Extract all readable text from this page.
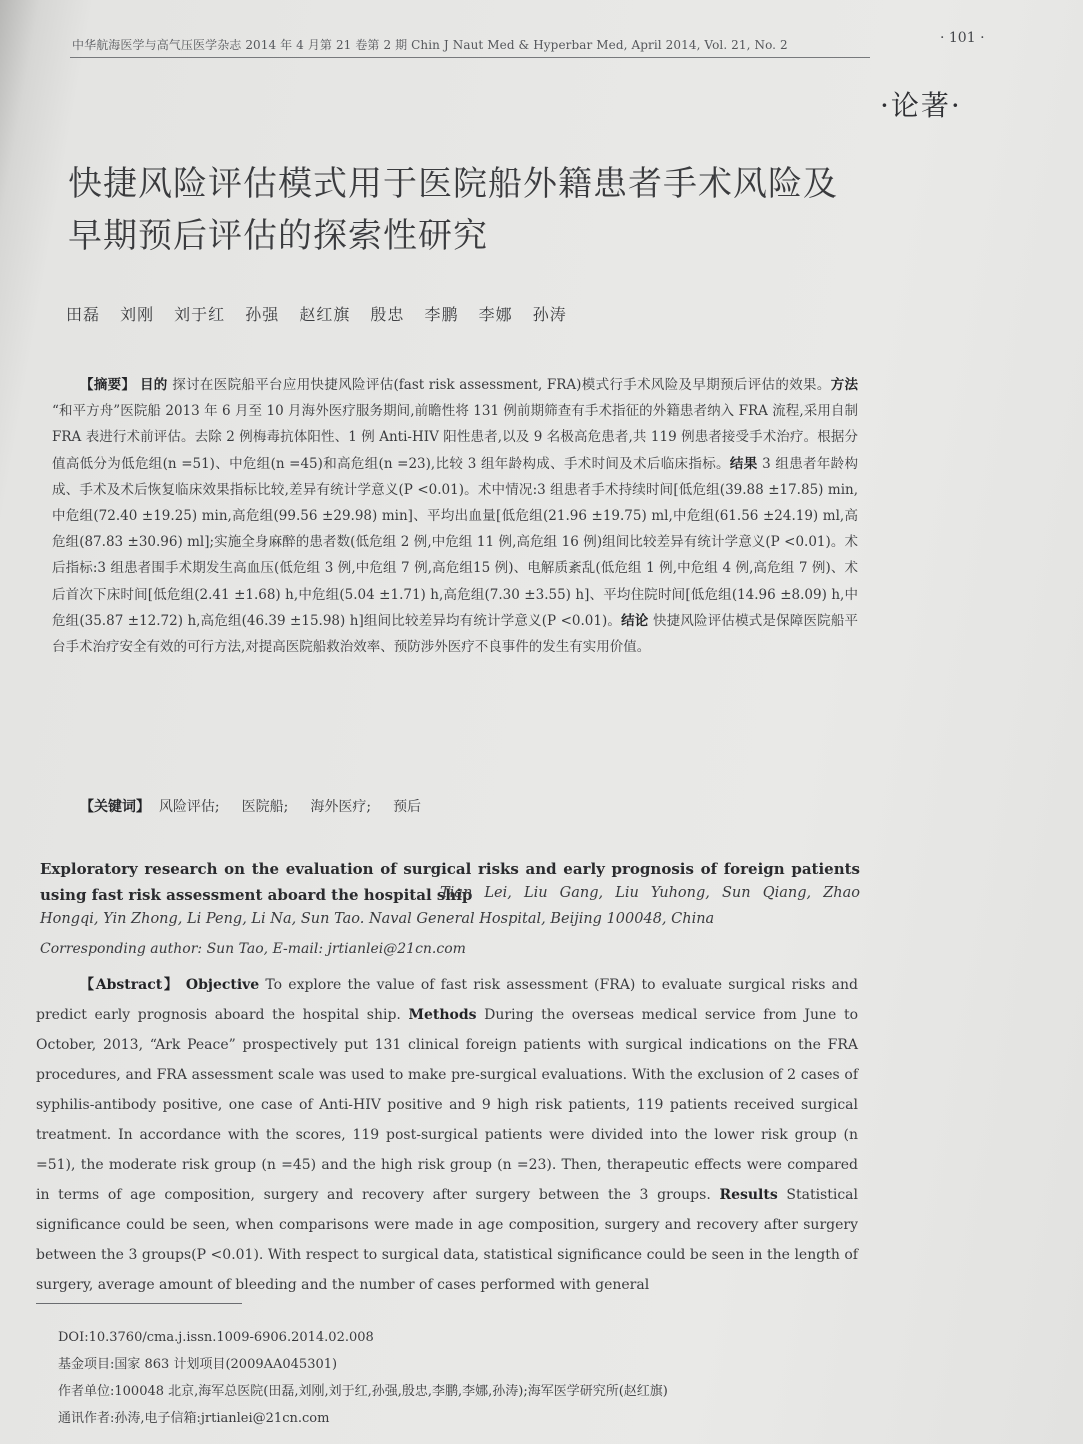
中华航海医学与高气压医学杂志 2014 年 4 月第 21 卷第 2 期 Chin J Naut Med & Hyperbar Med, April 2014, Vol. 21, No. 2	· 101 ·
·论著·
快捷风险评估模式用于医院船外籍患者手术风险及早期预后评估的探索性研究
田磊 刘刚 刘于红 孙强 赵红旗 殷忠 李鹏 李娜 孙涛
【摘要】 目的 探讨在医院船平台应用快捷风险评估(fast risk assessment, FRA)模式行手术风险及早期预后评估的效果。方法 “和平方舟”医院船 2013 年 6 月至 10 月海外医疗服务期间,前瞻性将 131 例前期筛查有手术指征的外籍患者纳入 FRA 流程,采用自制 FRA 表进行术前评估。去除 2 例梅毒抗体阳性、1 例 Anti-HIV 阳性患者,以及 9 名极高危患者,共 119 例患者接受手术治疗。根据分值高低分为低危组(n =51)、中危组(n =45)和高危组(n =23),比较 3 组年龄构成、手术时间及术后临床指标。结果 3 组患者年龄构成、手术及术后恢复临床效果指标比较,差异有统计学意义(P <0.01)。术中情况:3 组患者手术持续时间[低危组(39.88 ±17.85) min,中危组(72.40 ±19.25) min,高危组(99.56 ±29.98) min]、平均出血量[低危组(21.96 ±19.75) ml,中危组(61.56 ±24.19) ml,高危组(87.83 ±30.96) ml];实施全身麻醉的患者数(低危组 2 例,中危组 11 例,高危组 16 例)组间比较差异有统计学意义(P <0.01)。术后指标:3 组患者围手术期发生高血压(低危组 3 例,中危组 7 例,高危组15 例)、电解质紊乱(低危组 1 例,中危组 4 例,高危组 7 例)、术后首次下床时间[低危组(2.41 ±1.68) h,中危组(5.04 ±1.71) h,高危组(7.30 ±3.55) h]、平均住院时间[低危组(14.96 ±8.09) h,中危组(35.87 ±12.72) h,高危组(46.39 ±15.98) h]组间比较差异均有统计学意义(P <0.01)。结论 快捷风险评估模式是保障医院船平台手术治疗安全有效的可行方法,对提高医院船救治效率、预防涉外医疗不良事件的发生有实用价值。
【关键词】 风险评估; 医院船; 海外医疗; 预后
Exploratory research on the evaluation of surgical risks and early prognosis of foreign patients using fast risk assessment aboard the hospital ship
Tian Lei, Liu Gang, Liu Yuhong, Sun Qiang, Zhao Hongqi, Yin Zhong, Li Peng, Li Na, Sun Tao. Naval General Hospital, Beijing 100048, China
Corresponding author: Sun Tao, E-mail: jrtianlei@21cn.com
【Abstract】 Objective To explore the value of fast risk assessment (FRA) to evaluate surgical risks and predict early prognosis aboard the hospital ship. Methods During the overseas medical service from June to October, 2013, “Ark Peace” prospectively put 131 clinical foreign patients with surgical indications on the FRA procedures, and FRA assessment scale was used to make pre-surgical evaluations. With the exclusion of 2 cases of syphilis-antibody positive, one case of Anti-HIV positive and 9 high risk patients, 119 patients received surgical treatment. In accordance with the scores, 119 post-surgical patients were divided into the lower risk group (n =51), the moderate risk group (n =45) and the high risk group (n =23). Then, therapeutic effects were compared in terms of age composition, surgery and recovery after surgery between the 3 groups. Results Statistical significance could be seen, when comparisons were made in age composition, surgery and recovery after surgery between the 3 groups(P <0.01). With respect to surgical data, statistical significance could be seen in the length of surgery, average amount of bleeding and the number of cases performed with general
DOI:10.3760/cma.j.issn.1009-6906.2014.02.008
基金项目:国家 863 计划项目(2009AA045301)
作者单位:100048 北京,海军总医院(田磊,刘刚,刘于红,孙强,殷忠,李鹏,李娜,孙涛);海军医学研究所(赵红旗)
通讯作者:孙涛,电子信箱:jrtianlei@21cn.com
